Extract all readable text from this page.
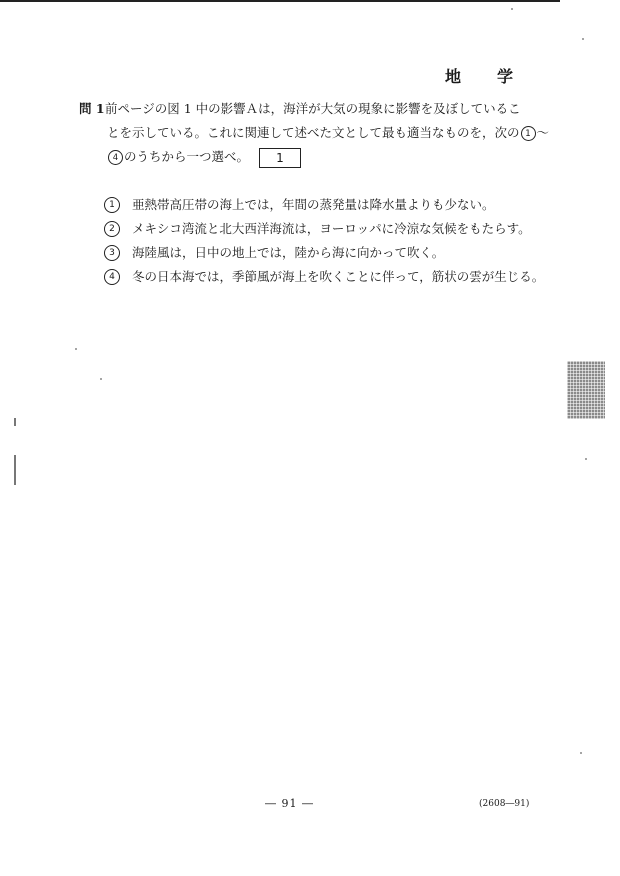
地　学
問 1前ページの図 1 中の影響Ａは，海洋が大気の現象に影響を及ぼしているこ
とを示している。これに関連して述べた文として最も適当なものを，次の 1 ～
4 のうちから一つ選べ。 1
1	亜熱帯高圧帯の海上では，年間の蒸発量は降水量よりも少ない。
2	メキシコ湾流と北大西洋海流は，ヨーロッパに冷涼な気候をもたらす。
3	海陸風は，日中の地上では，陸から海に向かって吹く。
4	冬の日本海では，季節風が海上を吹くことに伴って，筋状の雲が生じる。
― 91 ―	(2608―91)
